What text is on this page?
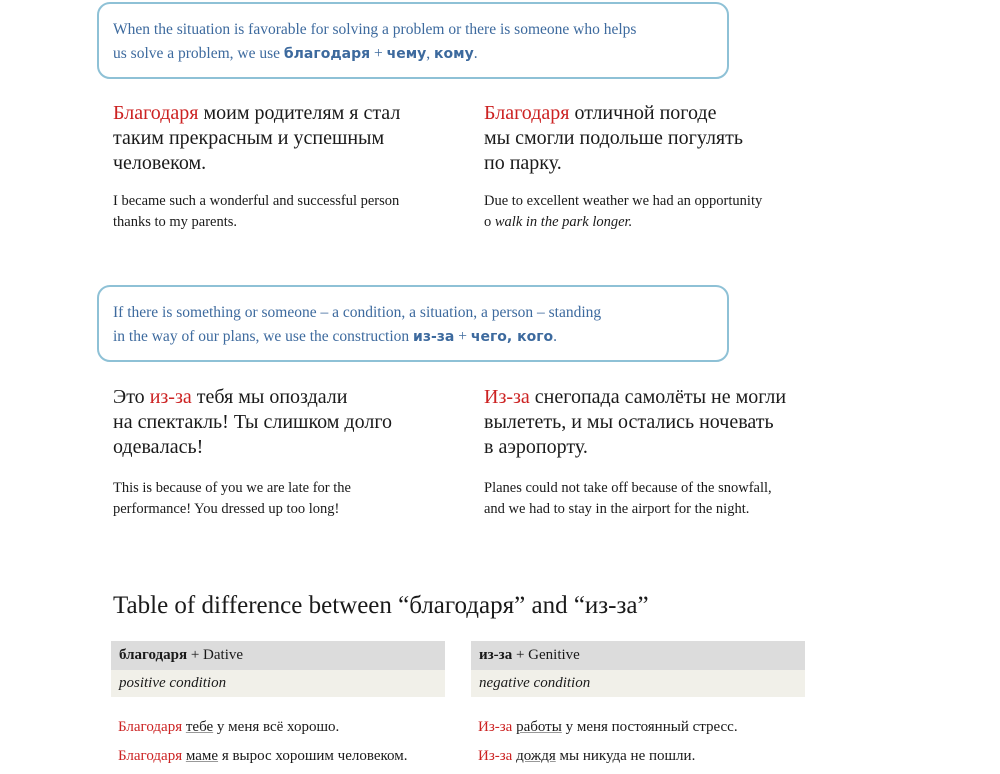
When the situation is favorable for solving a problem or there is someone who helps
us solve a problem, we use благодаря + чему, кому.
Благодаря моим родителям я стал
таким прекрасным и успешным
человеком.
I became such a wonderful and successful person
thanks to my parents.
Благодаря отличной погоде
мы смогли подольше погулять
по парку.
Due to excellent weather we had an opportunity
o walk in the park longer.
If there is something or someone – a condition, a situation, a person – standing
in the way of our plans, we use the construction из-за + чего, кого.
Это из-за тебя мы опоздали
на спектакль! Ты слишком долго
одевалась!
This is because of you we are late for the
performance! You dressed up too long!
Из-за снегопада самолёты не могли
вылететь, и мы остались ночевать
в аэропорту.
Planes could not take off because of the snowfall,
and we had to stay in the airport for the night.
Table of difference between “благодаря” and “из-за”
благодаря + Dative
positive condition
Благодаря тебе у меня всё хорошо.
Благодаря маме я вырос хорошим человеком.
из-за + Genitive
negative condition
Из-за работы у меня постоянный стресс.
Из-за дождя мы никуда не пошли.
